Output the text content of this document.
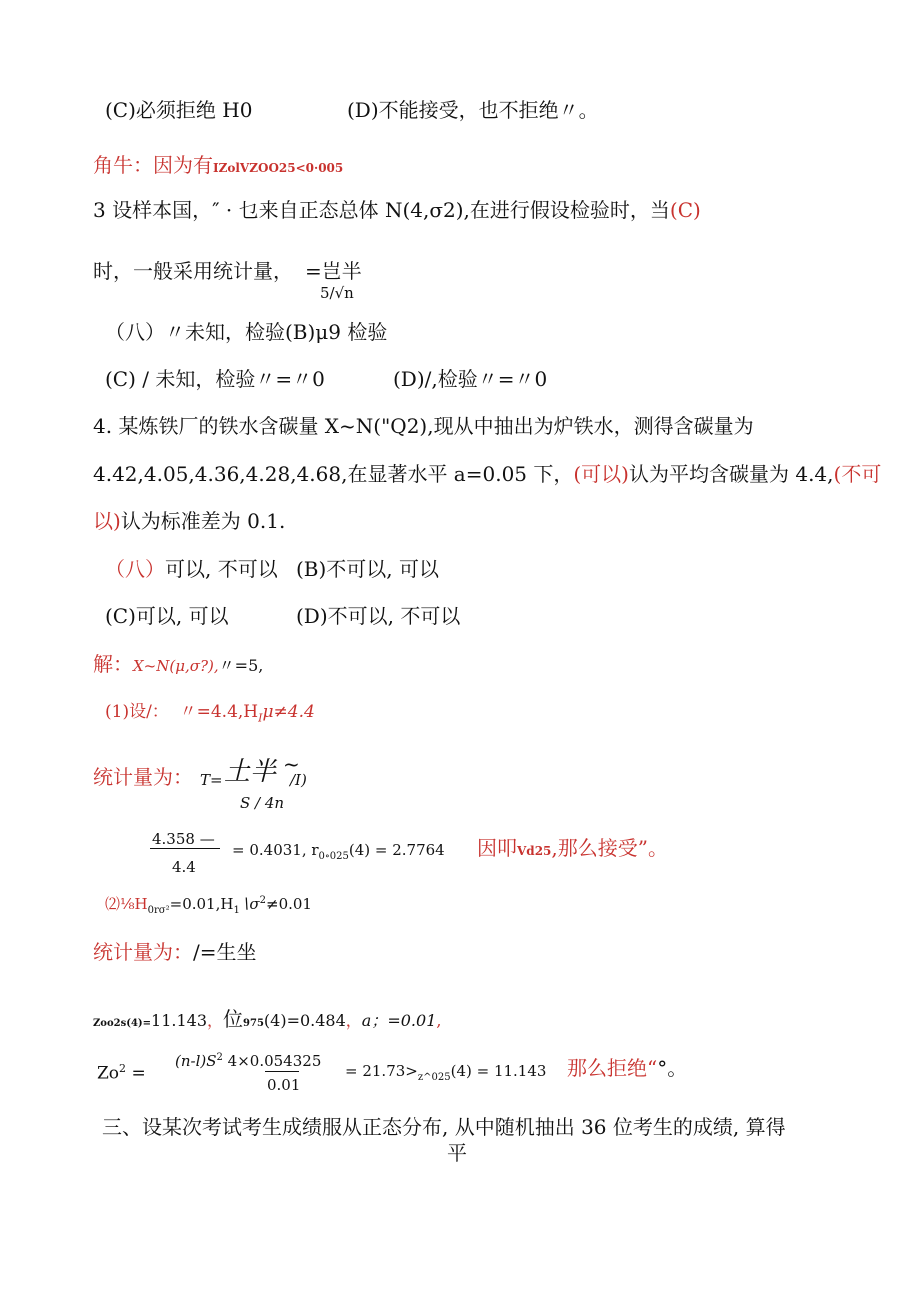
(C)必须拒绝 H0	(D)不能接受，也不拒绝〃。
角牛：因为有IZolVZOO25<0·005
3 设样本国，″ · 乜来自正态总体 N(4,σ2),在进行假设检验时，当(C)
时，一般采用统计量， =岂半
5/√n
（八）〃未知，检验(B)μ9 检验
(C) / 未知，检验〃=〃0	(D)/,检验〃=〃0
4. 某炼铁厂的铁水含碳量 X~N("Q2),现从中抽出为炉铁水，测得含碳量为
4.42,4.05,4.36,4.28,4.68,在显著水平 a=0.05 下，(可以)认为平均含碳量为 4.4,(不可
以)认为标准差为 0.1.
（八）可以, 不可以 (B)不可以, 可以
(C)可以, 可以	(D)不可以, 不可以
解：X~N(μ,σ?),〃=5,
(1)设/： 〃$=4.4,H_I\mu\ne 4.4$
统计量为： T= 土半 ~
/I)
S / 4n
4.358 —
4.4
= 0.4031, $r_{0\circ 025}(4) = 2.7764$ 因叩Vd25,那么接受”。
$⑵\frac{1}{8}H_{0r\sigma^2}=0.01,H_1∖\sigma^2\ne 0.01$
统计量为：/=生坐
Zoo2s(4)=11.143，位975(4)=0.484，a；=0.01,
$Zo^2$ =
$(n-l)S^2$ 4×0.054325
0.01
= $21.73>_{z\^{}025}(4) = 11.143$ 那么拒绝“°。
三、设某次考试考生成绩服从正态分布, 从中随机抽出 36 位考生的成绩, 算得
平
